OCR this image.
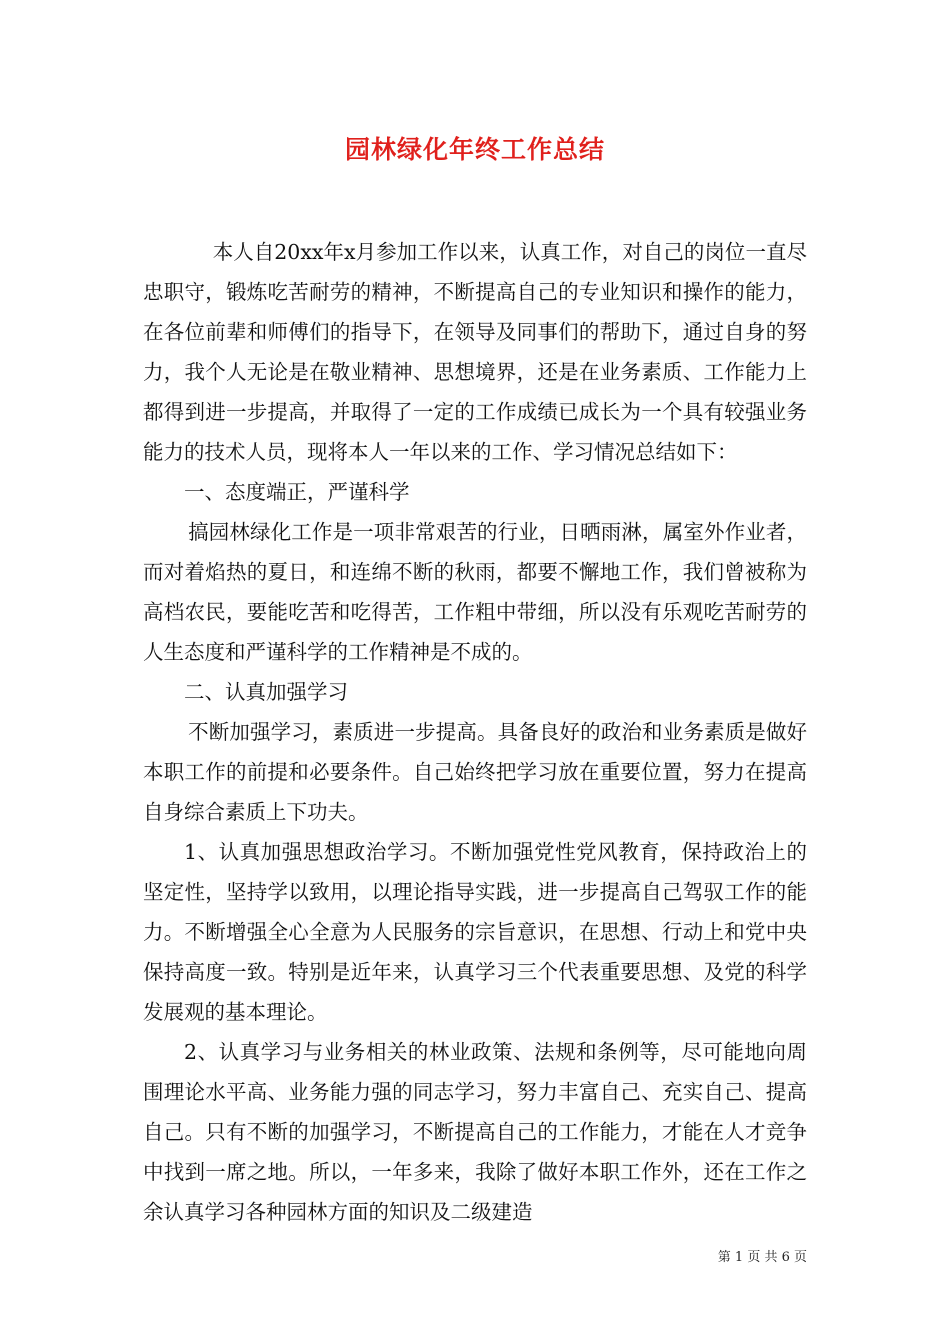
园林绿化年终工作总结

本人自20xx年x月参加工作以来，认真工作，对自己的岗位一直尽忠职守，锻炼吃苦耐劳的精神，不断提高自己的专业知识和操作的能力，在各位前辈和师傅们的指导下，在领导及同事们的帮助下，通过自身的努力，我个人无论是在敬业精神、思想境界，还是在业务素质、工作能力上都得到进一步提高，并取得了一定的工作成绩已成长为一个具有较强业务能力的技术人员，现将本人一年以来的工作、学习情况总结如下：

一、态度端正，严谨科学

搞园林绿化工作是一项非常艰苦的行业，日晒雨淋，属室外作业者，而对着焰热的夏日，和连绵不断的秋雨，都要不懈地工作，我们曾被称为高档农民，要能吃苦和吃得苦，工作粗中带细，所以没有乐观吃苦耐劳的人生态度和严谨科学的工作精神是不成的。

二、认真加强学习

不断加强学习，素质进一步提高。具备良好的政治和业务素质是做好本职工作的前提和必要条件。自己始终把学习放在重要位置，努力在提高自身综合素质上下功夫。

1、认真加强思想政治学习。不断加强党性党风教育，保持政治上的坚定性，坚持学以致用，以理论指导实践，进一步提高自己驾驭工作的能力。不断增强全心全意为人民服务的宗旨意识，在思想、行动上和党中央保持高度一致。特别是近年来，认真学习三个代表重要思想、及党的科学发展观的基本理论。

2、认真学习与业务相关的林业政策、法规和条例等，尽可能地向周围理论水平高、业务能力强的同志学习，努力丰富自己、充实自己、提高自己。只有不断的加强学习，不断提高自己的工作能力，才能在人才竞争中找到一席之地。所以，一年多来，我除了做好本职工作外，还在工作之余认真学习各种园林方面的知识及二级建造

第 1 页 共 6 页
